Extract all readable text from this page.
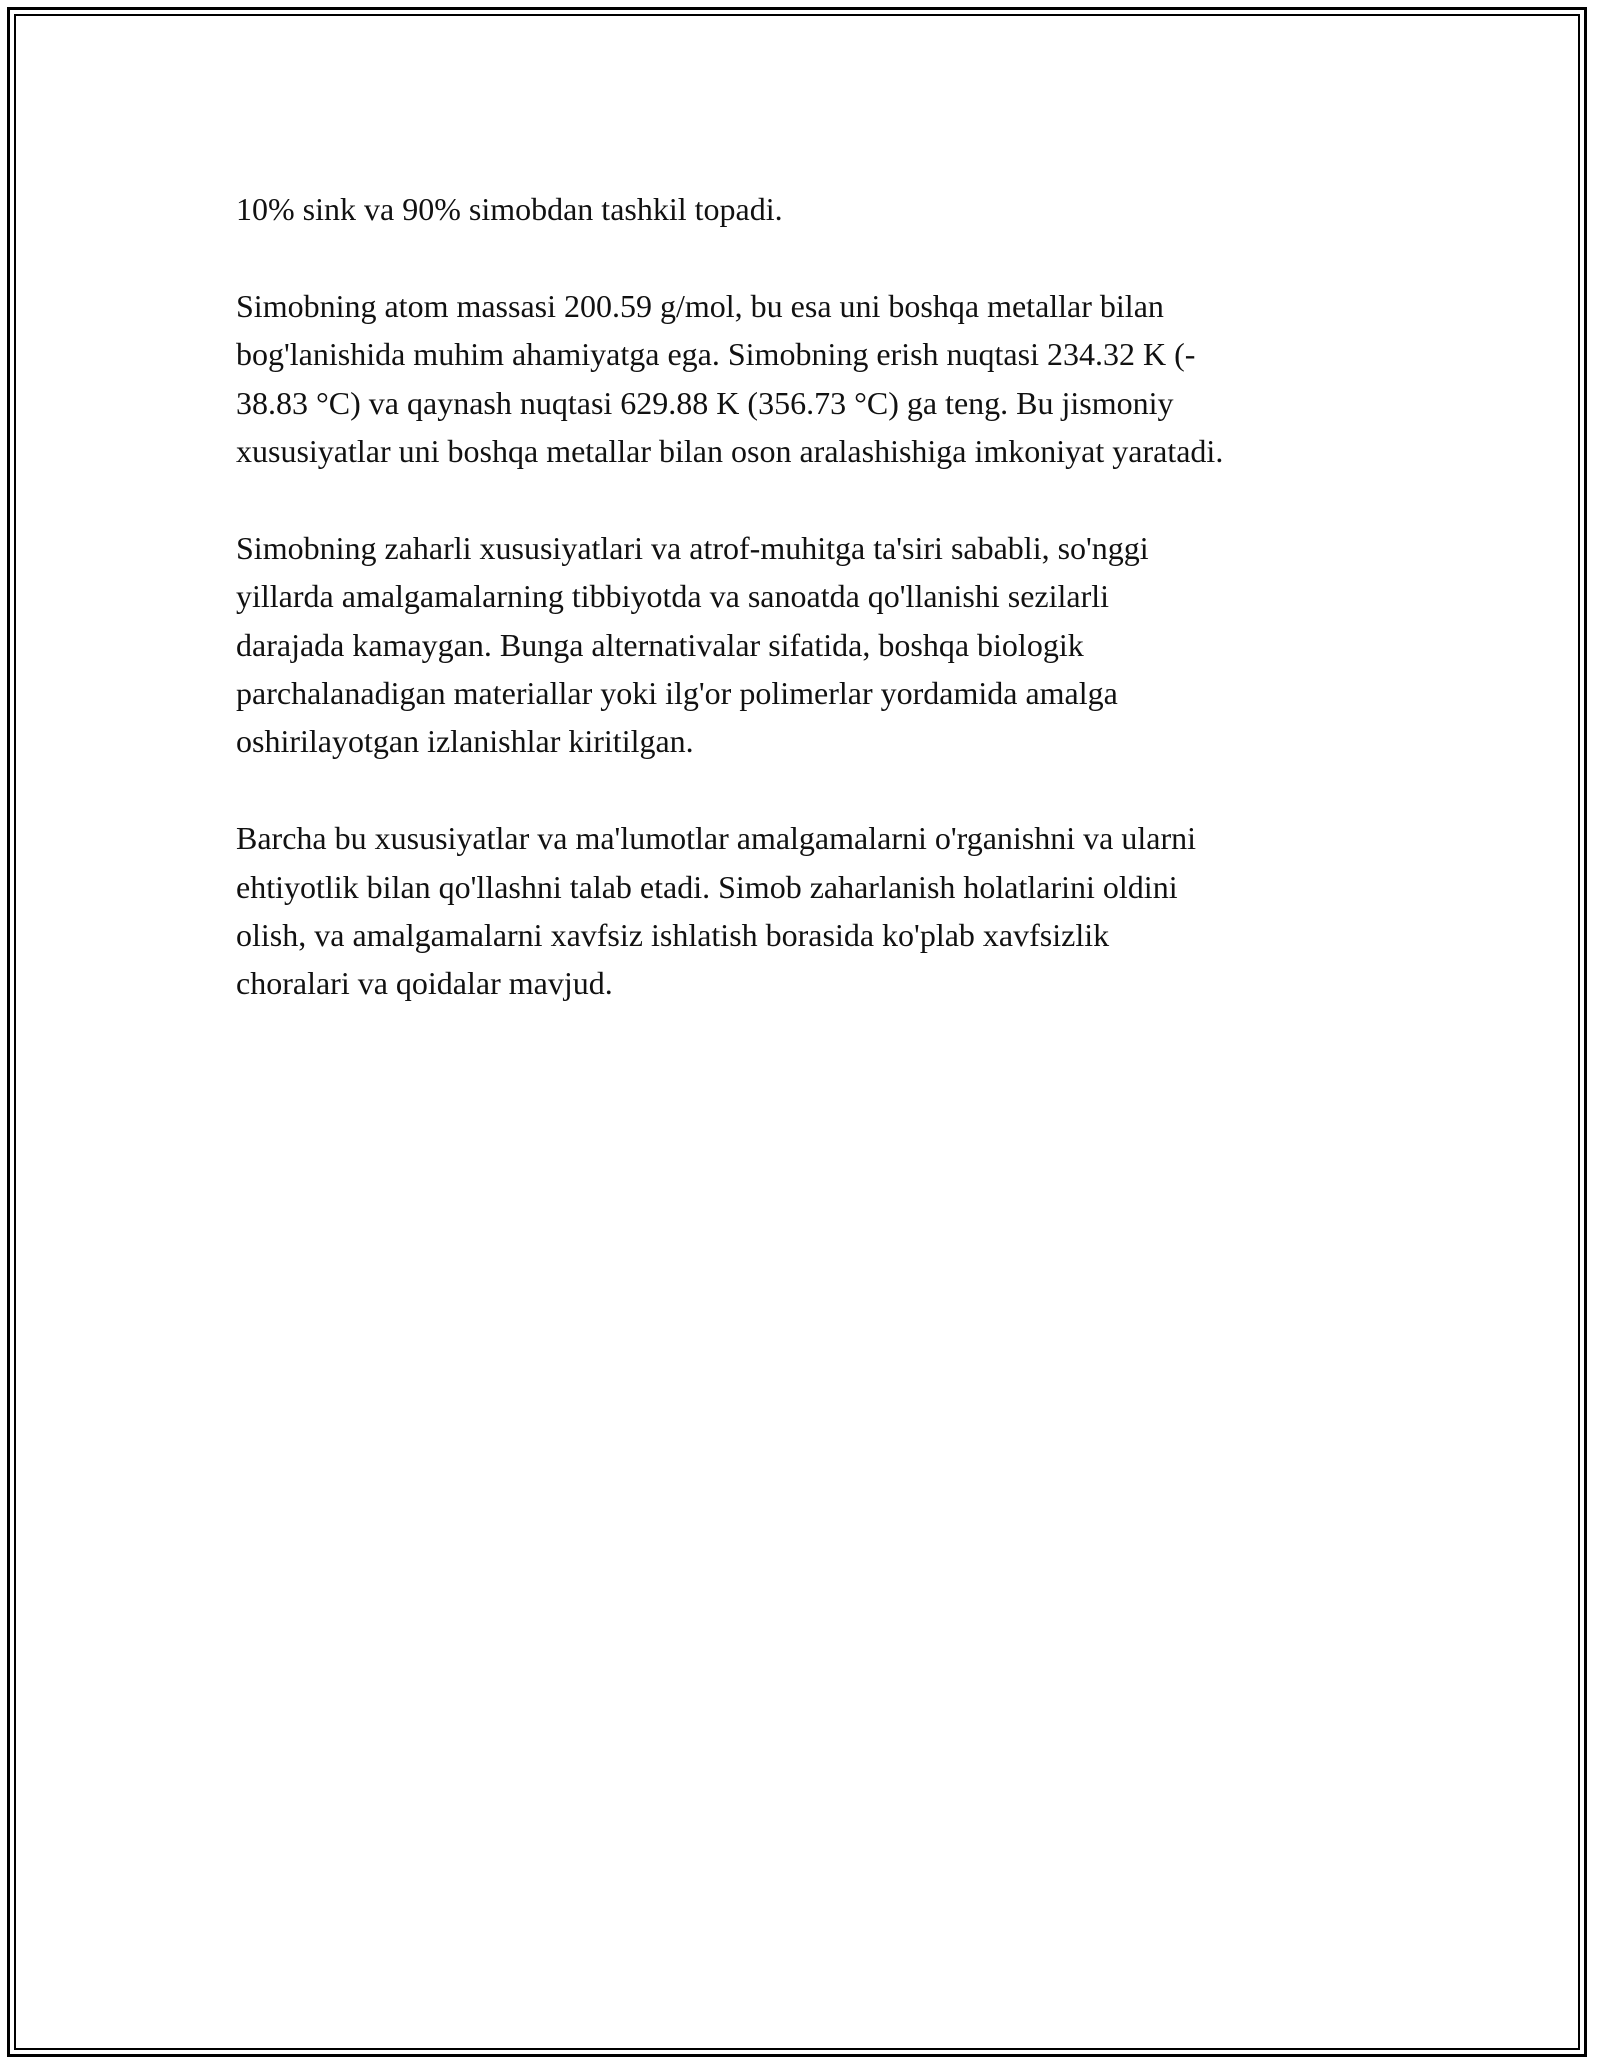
10% sink va 90% simobdan tashkil topadi.

Simobning atom massasi 200.59 g/mol, bu esa uni boshqa metallar bilan
bog'lanishida muhim ahamiyatga ega. Simobning erish nuqtasi 234.32 K (-
38.83 °C) va qaynash nuqtasi 629.88 K (356.73 °C) ga teng. Bu jismoniy
xususiyatlar uni boshqa metallar bilan oson aralashishiga imkoniyat yaratadi.

Simobning zaharli xususiyatlari va atrof-muhitga ta'siri sababli, so'nggi
yillarda amalgamalarning tibbiyotda va sanoatda qo'llanishi sezilarli
darajada kamaygan. Bunga alternativalar sifatida, boshqa biologik
parchalanadigan materiallar yoki ilg'or polimerlar yordamida amalga
oshirilayotgan izlanishlar kiritilgan.

Barcha bu xususiyatlar va ma'lumotlar amalgamalarni o'rganishni va ularni
ehtiyotlik bilan qo'llashni talab etadi. Simob zaharlanish holatlarini oldini
olish, va amalgamalarni xavfsiz ishlatish borasida ko'plab xavfsizlik
choralari va qoidalar mavjud.
